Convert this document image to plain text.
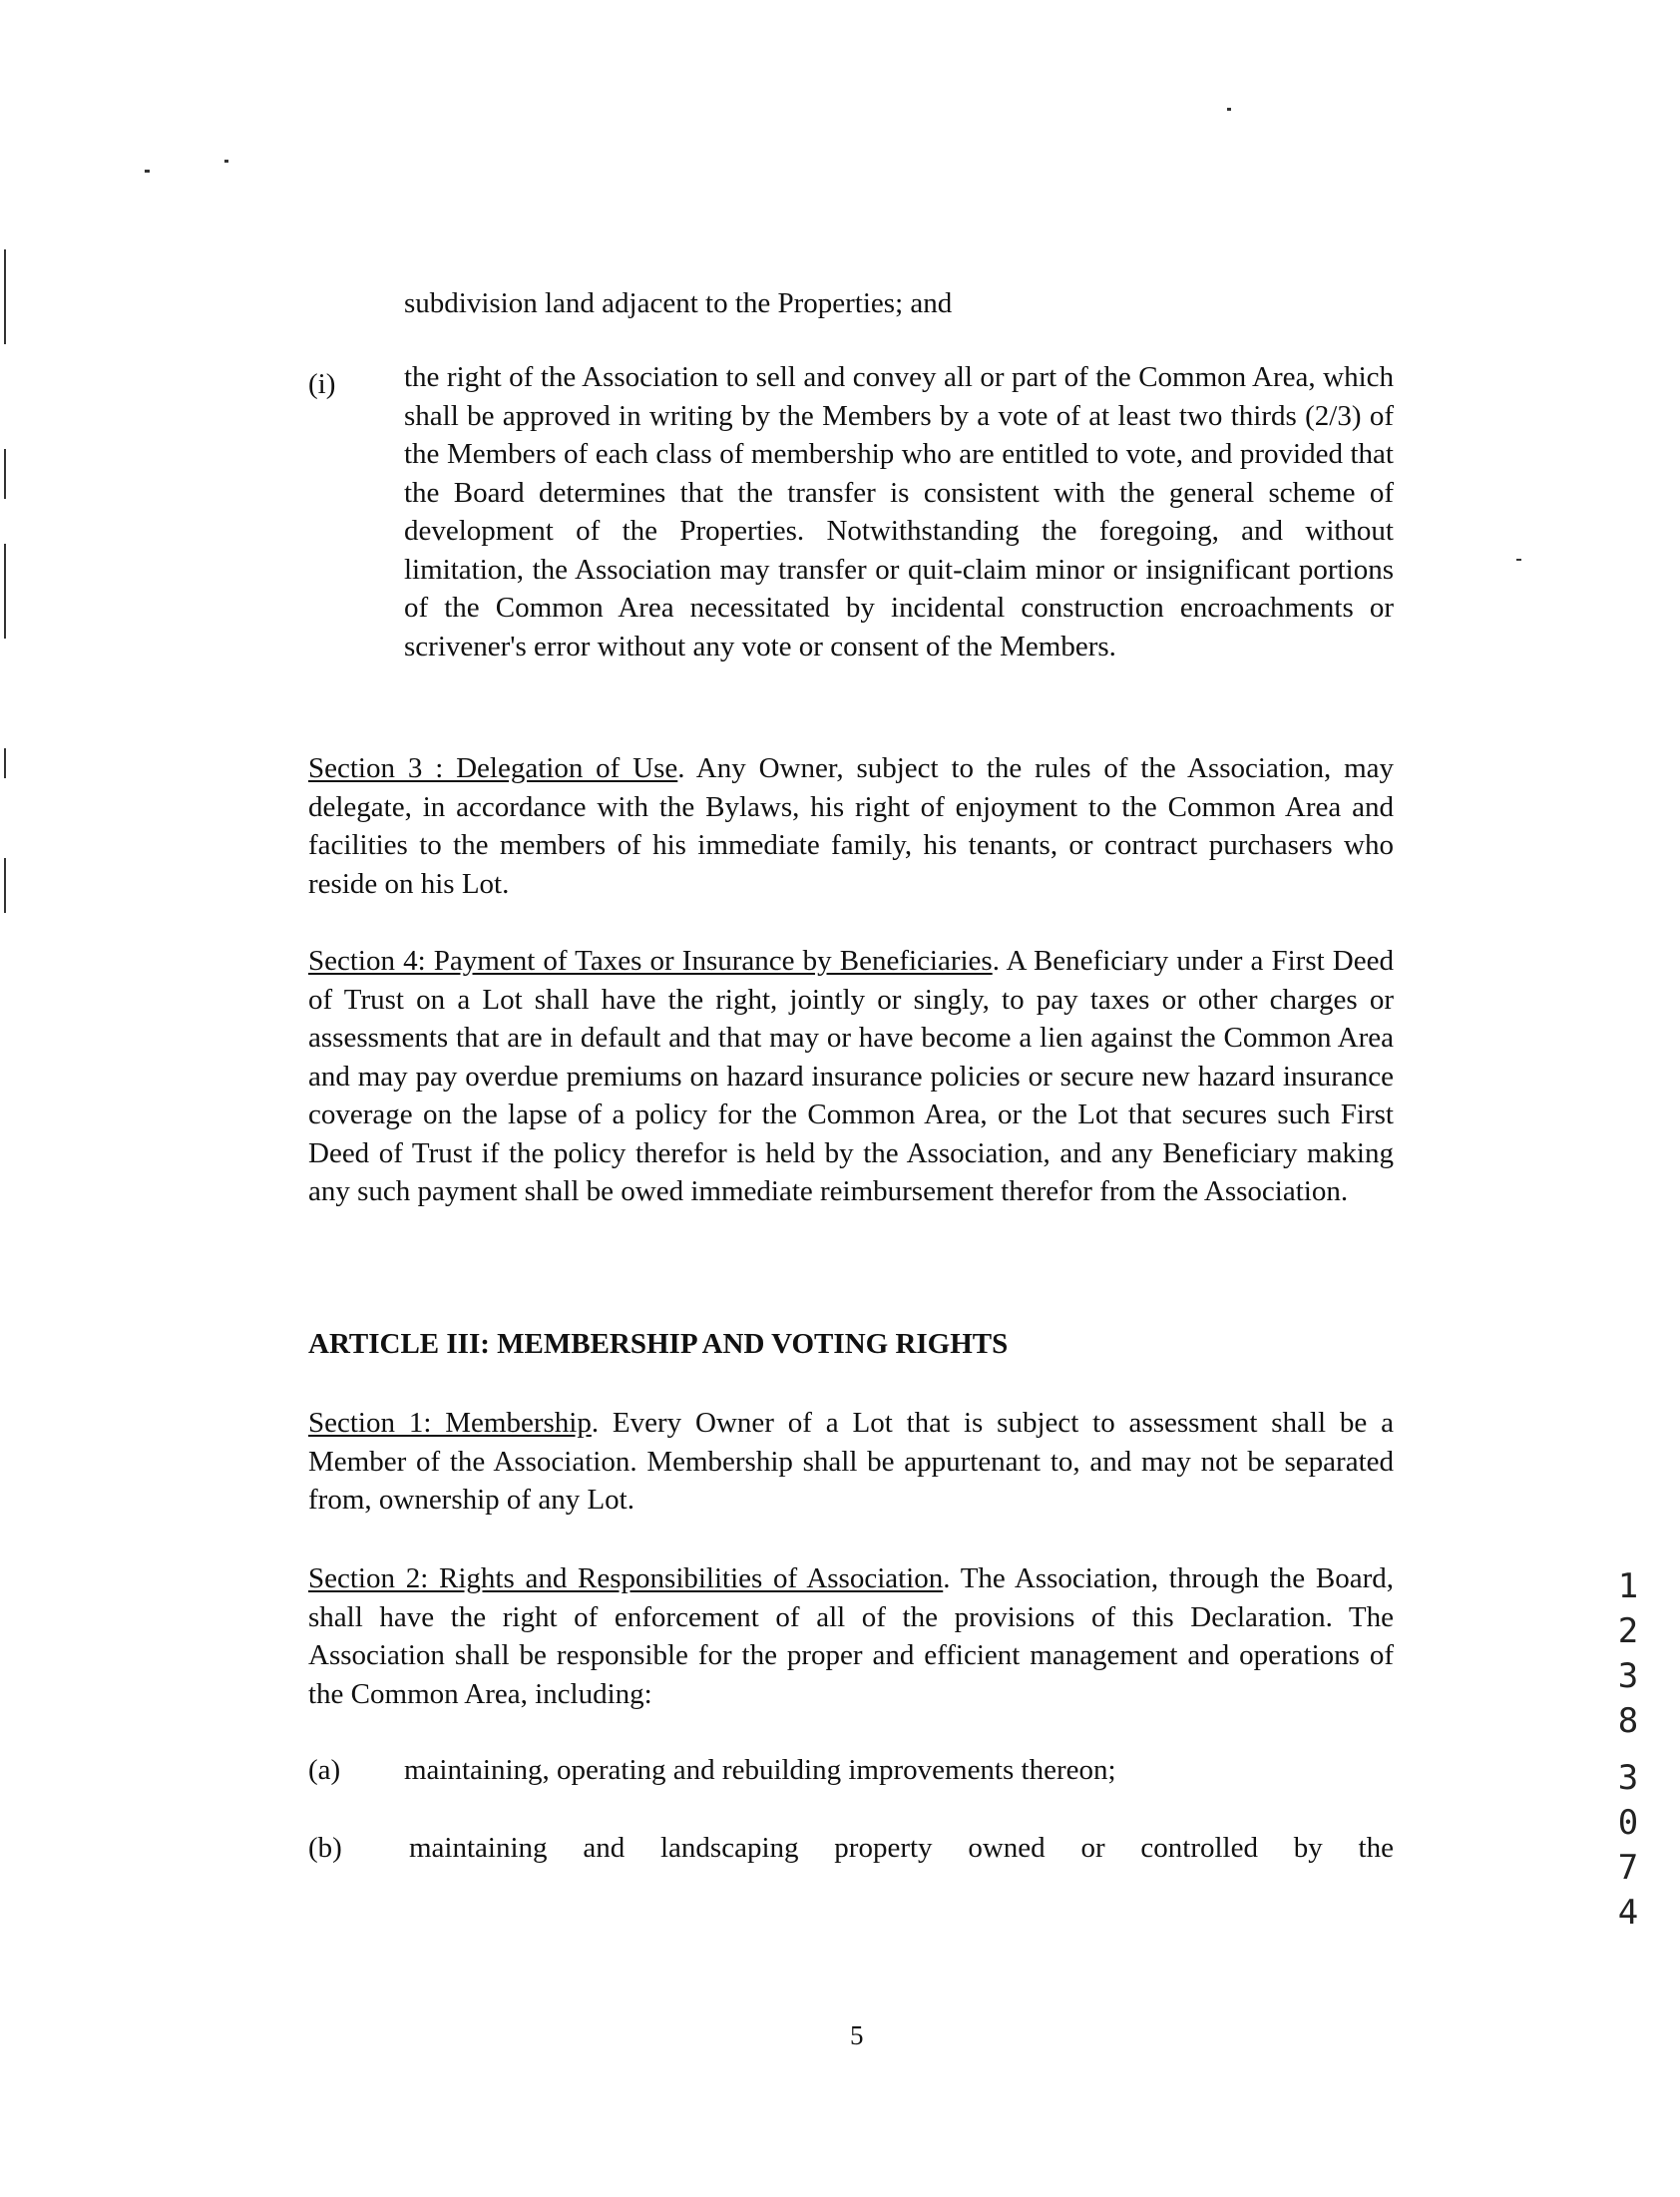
subdivision land adjacent to the Properties; and

(i) the right of the Association to sell and convey all or part of the Common Area, which shall be approved in writing by the Members by a vote of at least two thirds (2/3) of the Members of each class of membership who are entitled to vote, and provided that the Board determines that the transfer is consistent with the general scheme of development of the Properties. Notwithstanding the foregoing, and without limitation, the Association may transfer or quit-claim minor or insignificant portions of the Common Area necessitated by incidental construction encroachments or scrivener's error without any vote or consent of the Members.

Section 3 : Delegation of Use. Any Owner, subject to the rules of the Association, may delegate, in accordance with the Bylaws, his right of enjoyment to the Common Area and facilities to the members of his immediate family, his tenants, or contract purchasers who reside on his Lot.

Section 4: Payment of Taxes or Insurance by Beneficiaries. A Beneficiary under a First Deed of Trust on a Lot shall have the right, jointly or singly, to pay taxes or other charges or assessments that are in default and that may or have become a lien against the Common Area and may pay overdue premiums on hazard insurance policies or secure new hazard insurance coverage on the lapse of a policy for the Common Area, or the Lot that secures such First Deed of Trust if the policy therefor is held by the Association, and any Beneficiary making any such payment shall be owed immediate reimbursement therefor from the Association.

ARTICLE III: MEMBERSHIP AND VOTING RIGHTS

Section 1: Membership. Every Owner of a Lot that is subject to assessment shall be a Member of the Association. Membership shall be appurtenant to, and may not be separated from, ownership of any Lot.

Section 2: Rights and Responsibilities of Association. The Association, through the Board, shall have the right of enforcement of all of the provisions of this Declaration. The Association shall be responsible for the proper and efficient management and operations of the Common Area, including:

(a) maintaining, operating and rebuilding improvements thereon;

(b) maintaining and landscaping property owned or controlled by the

5
1
2
3
8
3
0
7
4
